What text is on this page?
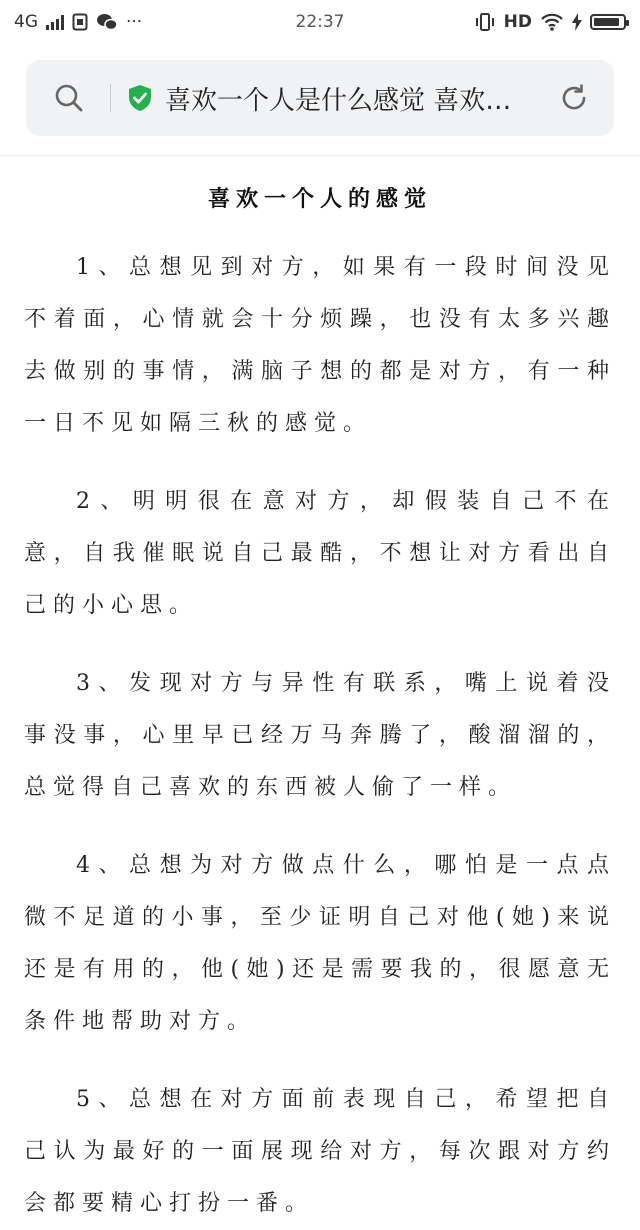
4G	···	22:37	HD
喜欢一个人是什么感觉 喜欢…
喜欢一个人的感觉

1、总想见到对方，如果有一段时间没见不着面，心情就会十分烦躁，也没有太多兴趣去做别的事情，满脑子想的都是对方，有一种一日不见如隔三秋的感觉。

2、明明很在意对方，却假装自己不在意，自我催眠说自己最酷，不想让对方看出自己的小心思。

3、发现对方与异性有联系，嘴上说着没事没事，心里早已经万马奔腾了，酸溜溜的，总觉得自己喜欢的东西被人偷了一样。

4、总想为对方做点什么，哪怕是一点点微不足道的小事，至少证明自己对他(她)来说还是有用的，他(她)还是需要我的，很愿意无条件地帮助对方。

5、总想在对方面前表现自己，希望把自己认为最好的一面展现给对方，每次跟对方约会都要精心打扮一番。
